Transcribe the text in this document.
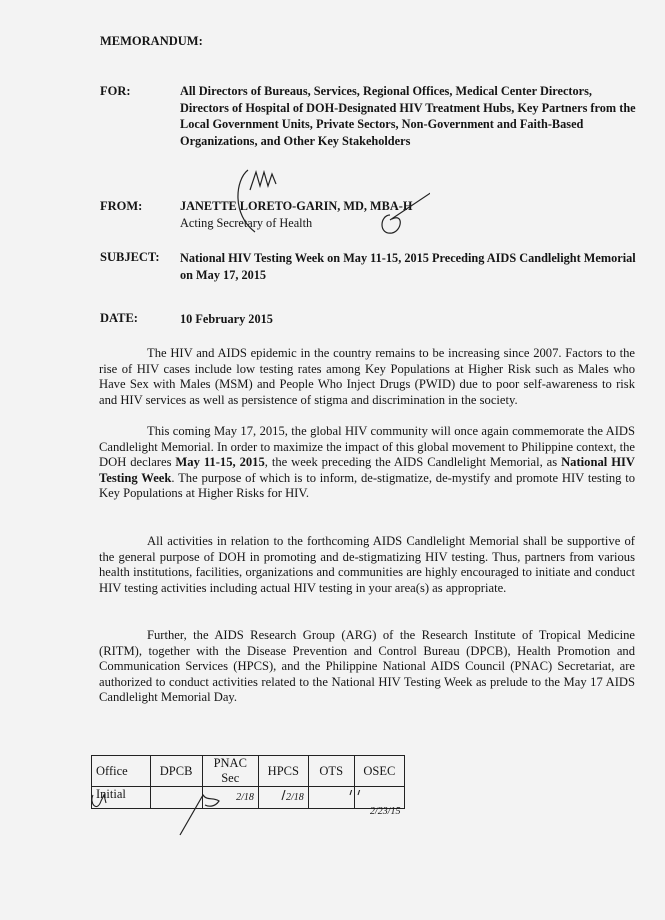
MEMORANDUM:
FOR:	All Directors of Bureaus, Services, Regional Offices, Medical Center Directors, Directors of Hospital of DOH-Designated HIV Treatment Hubs, Key Partners from the Local Government Units, Private Sectors, Non-Government and Faith-Based Organizations, and Other Key Stakeholders
FROM:	JANETTE LORETO-GARIN, MD, MBA-H
Acting Secretary of Health
SUBJECT: National HIV Testing Week on May 11-15, 2015 Preceding AIDS Candlelight Memorial on May 17, 2015
DATE:	10 February 2015
The HIV and AIDS epidemic in the country remains to be increasing since 2007. Factors to the rise of HIV cases include low testing rates among Key Populations at Higher Risk such as Males who Have Sex with Males (MSM) and People Who Inject Drugs (PWID) due to poor self-awareness to risk and HIV services as well as persistence of stigma and discrimination in the society.
This coming May 17, 2015, the global HIV community will once again commemorate the AIDS Candlelight Memorial. In order to maximize the impact of this global movement to Philippine context, the DOH declares May 11-15, 2015, the week preceding the AIDS Candlelight Memorial, as National HIV Testing Week. The purpose of which is to inform, de-stigmatize, de-mystify and promote HIV testing to Key Populations at Higher Risks for HIV.
All activities in relation to the forthcoming AIDS Candlelight Memorial shall be supportive of the general purpose of DOH in promoting and de-stigmatizing HIV testing. Thus, partners from various health institutions, facilities, organizations and communities are highly encouraged to initiate and conduct HIV testing activities including actual HIV testing in your area(s) as appropriate.
Further, the AIDS Research Group (ARG) of the Research Institute of Tropical Medicine (RITM), together with the Disease Prevention and Control Bureau (DPCB), Health Promotion and Communication Services (HPCS), and the Philippine National AIDS Council (PNAC) Secretariat, are authorized to conduct activities related to the National HIV Testing Week as prelude to the May 17 AIDS Candlelight Memorial Day.
Office	DPCB	PNAC Sec	HPCS	OTS	OSEC
Initial		2/18	2/18		
2/23/15
